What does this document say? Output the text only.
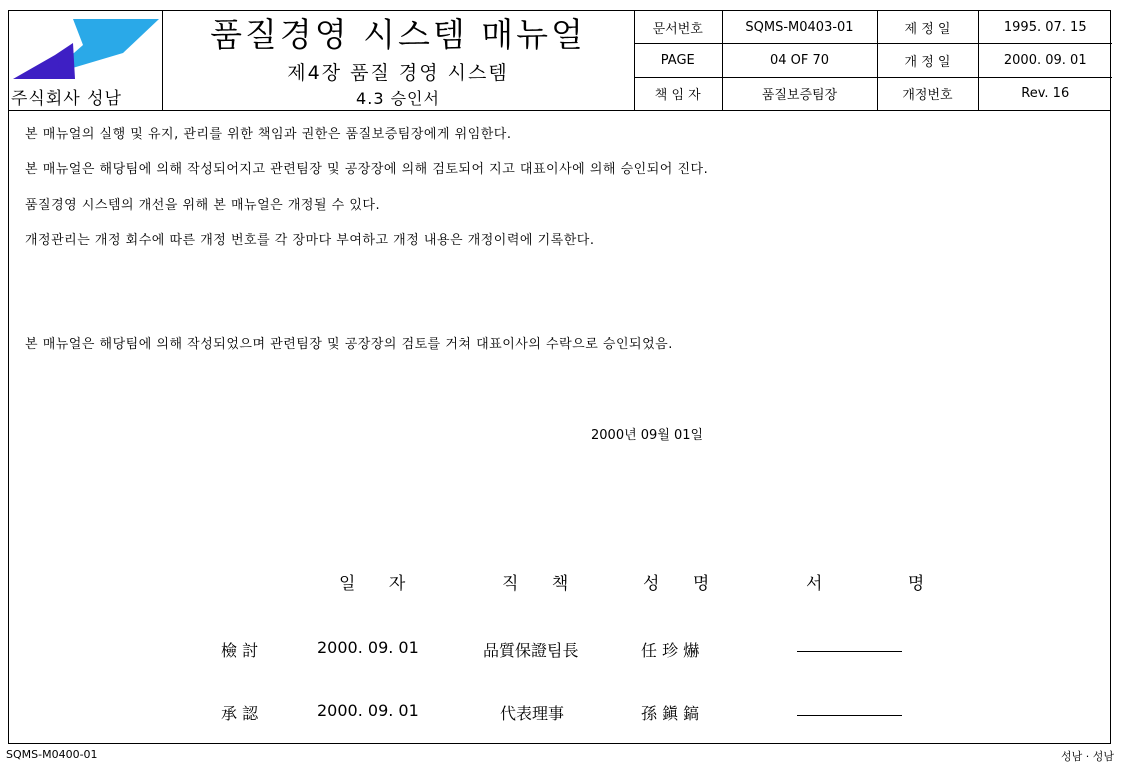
주식회사 성남
품질경영 시스템 매뉴얼
제4장 품질 경영 시스템
4.3 승인서
문서번호	SQMS-M0403-01	제 정 일	1995. 07. 15
PAGE	04 OF 70	개 정 일	2000. 09. 01
책 임 자	품질보증팀장	개정번호	Rev. 16
본 매뉴얼의 실행 및 유지, 관리를 위한 책임과 권한은 품질보증팀장에게 위임한다.
본 매뉴얼은 해당팀에 의해 작성되어지고 관련팀장 및 공장장에 의해 검토되어 지고 대표이사에 의해 승인되어 진다.
품질경영 시스템의 개선을 위해 본 매뉴얼은 개정될 수 있다.
개정관리는 개정 회수에 따른 개정 번호를 각 장마다 부여하고 개정 내용은 개정이력에 기록한다.
본 매뉴얼은 해당팀에 의해 작성되었으며 관련팀장 및 공장장의 검토를 거쳐 대표이사의 수락으로 승인되었음.
2000년 09월 01일
일 자	직 책	성 명	서 명
檢 討	2000. 09. 01	品質保證팀長	任 珍 爀
承 認	2000. 09. 01	代表理事	孫 鎭 鎬
SQMS-M0400-01	성남 · 성남
